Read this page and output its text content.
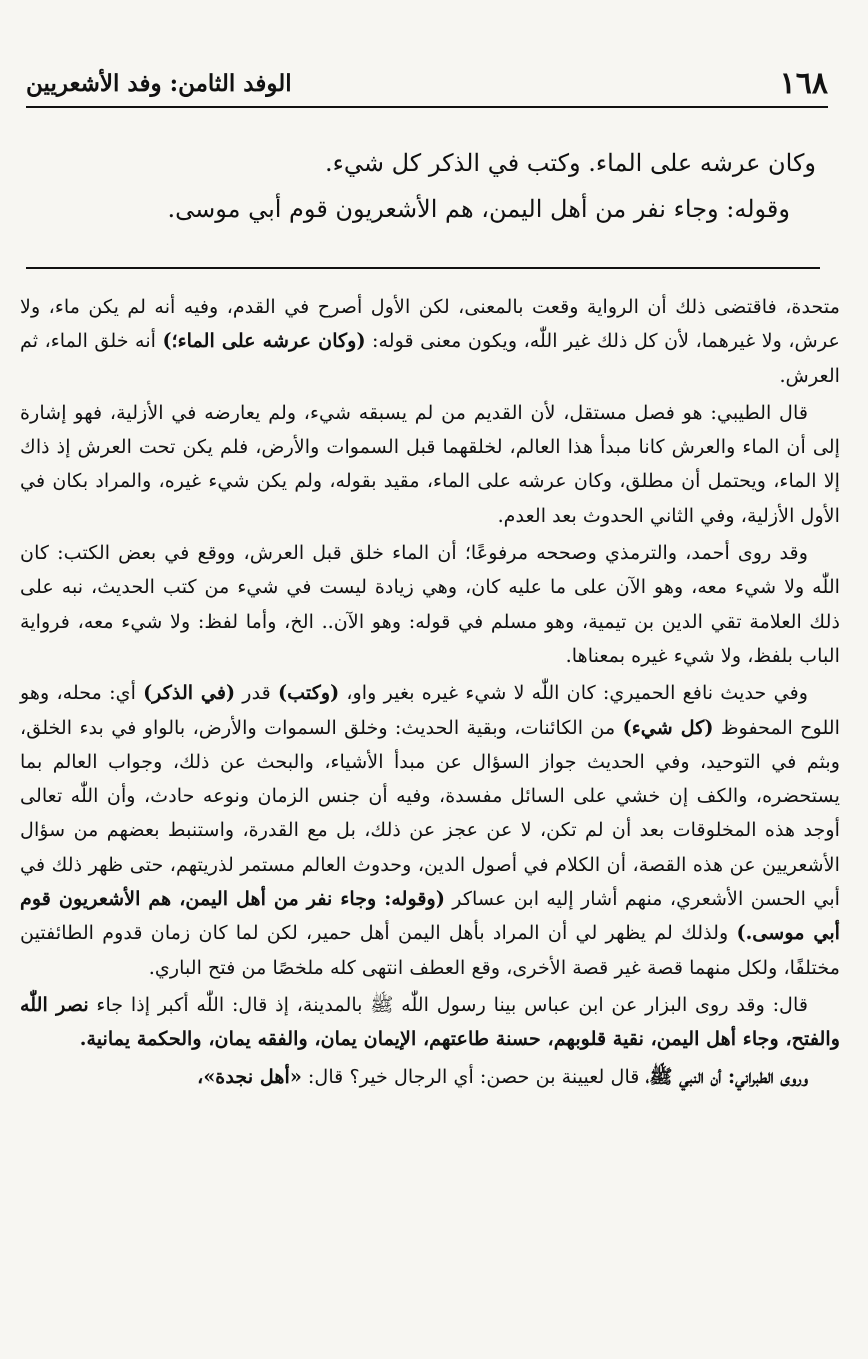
الوفد الثامن: وفد الأشعريين	١٦٨
وكان عرشه على الماء. وكتب في الذكر كل شيء.
وقوله: وجاء نفر من أهل اليمن، هم الأشعريون قوم أبي موسى.

متحدة، فاقتضى ذلك أن الرواية وقعت بالمعنى، لكن الأول أصرح في القدم، وفيه أنه لم يكن ماء، ولا عرش، ولا غيرهما، لأن كل ذلك غير اللّٰه، ويكون معنى قوله: (وكان عرشه على الماء؛) أنه خلق الماء، ثم العرش.

قال الطيبي: هو فصل مستقل، لأن القديم من لم يسبقه شيء، ولم يعارضه في الأزلية، فهو إشارة إلى أن الماء والعرش كانا مبدأ هذا العالم، لخلقهما قبل السموات والأرض، فلم يكن تحت العرش إذ ذاك إلا الماء، ويحتمل أن مطلق، وكان عرشه على الماء، مقيد بقوله، ولم يكن شيء غيره، والمراد بكان في الأول الأزلية، وفي الثاني الحدوث بعد العدم.

وقد روى أحمد، والترمذي وصححه مرفوعًا؛ أن الماء خلق قبل العرش، ووقع في بعض الكتب: كان اللّٰه ولا شيء معه، وهو الآن على ما عليه كان، وهي زيادة ليست في شيء من كتب الحديث، نبه على ذلك العلامة تقي الدين بن تيمية، وهو مسلم في قوله: وهو الآن.. الخ، وأما لفظ: ولا شيء معه، فرواية الباب بلفظ، ولا شيء غيره بمعناها.

وفي حديث نافع الحميري: كان اللّٰه لا شيء غيره بغير واو، (وكتب) قدر (في الذكر) أي: محله، وهو اللوح المحفوظ (كل شيء) من الكائنات، وبقية الحديث: وخلق السموات والأرض، بالواو في بدء الخلق، وبثم في التوحيد، وفي الحديث جواز السؤال عن مبدأ الأشياء، والبحث عن ذلك، وجواب العالم بما يستحضره، والكف إن خشي على السائل مفسدة، وفيه أن جنس الزمان ونوعه حادث، وأن اللّٰه تعالى أوجد هذه المخلوقات بعد أن لم تكن، لا عن عجز عن ذلك، بل مع القدرة، واستنبط بعضهم من سؤال الأشعريين عن هذه القصة، أن الكلام في أصول الدين، وحدوث العالم مستمر لذريتهم، حتى ظهر ذلك في أبي الحسن الأشعري، منهم أشار إليه ابن عساكر (وقوله: وجاء نفر من أهل اليمن، هم الأشعريون قوم أبي موسى.) ولذلك لم يظهر لي أن المراد بأهل اليمن أهل حمير، لكن لما كان زمان قدوم الطائفتين مختلفًا، ولكل منهما قصة غير قصة الأخرى، وقع العطف انتهى كله ملخصًا من فتح الباري.

قال: وقد روى البزار عن ابن عباس بينا رسول اللّٰه ﷺ بالمدينة، إذ قال: اللّٰه أكبر إذا جاء نصر اللّٰه والفتح، وجاء أهل اليمن، نقية قلوبهم، حسنة طاعتهم، الإيمان يمان، والفقه يمان، والحكمة يمانية.

وروى الطبراني: أن النبي ﷺ، قال لعيينة بن حصن: أي الرجال خير؟ قال: «أهل نجدة»،
